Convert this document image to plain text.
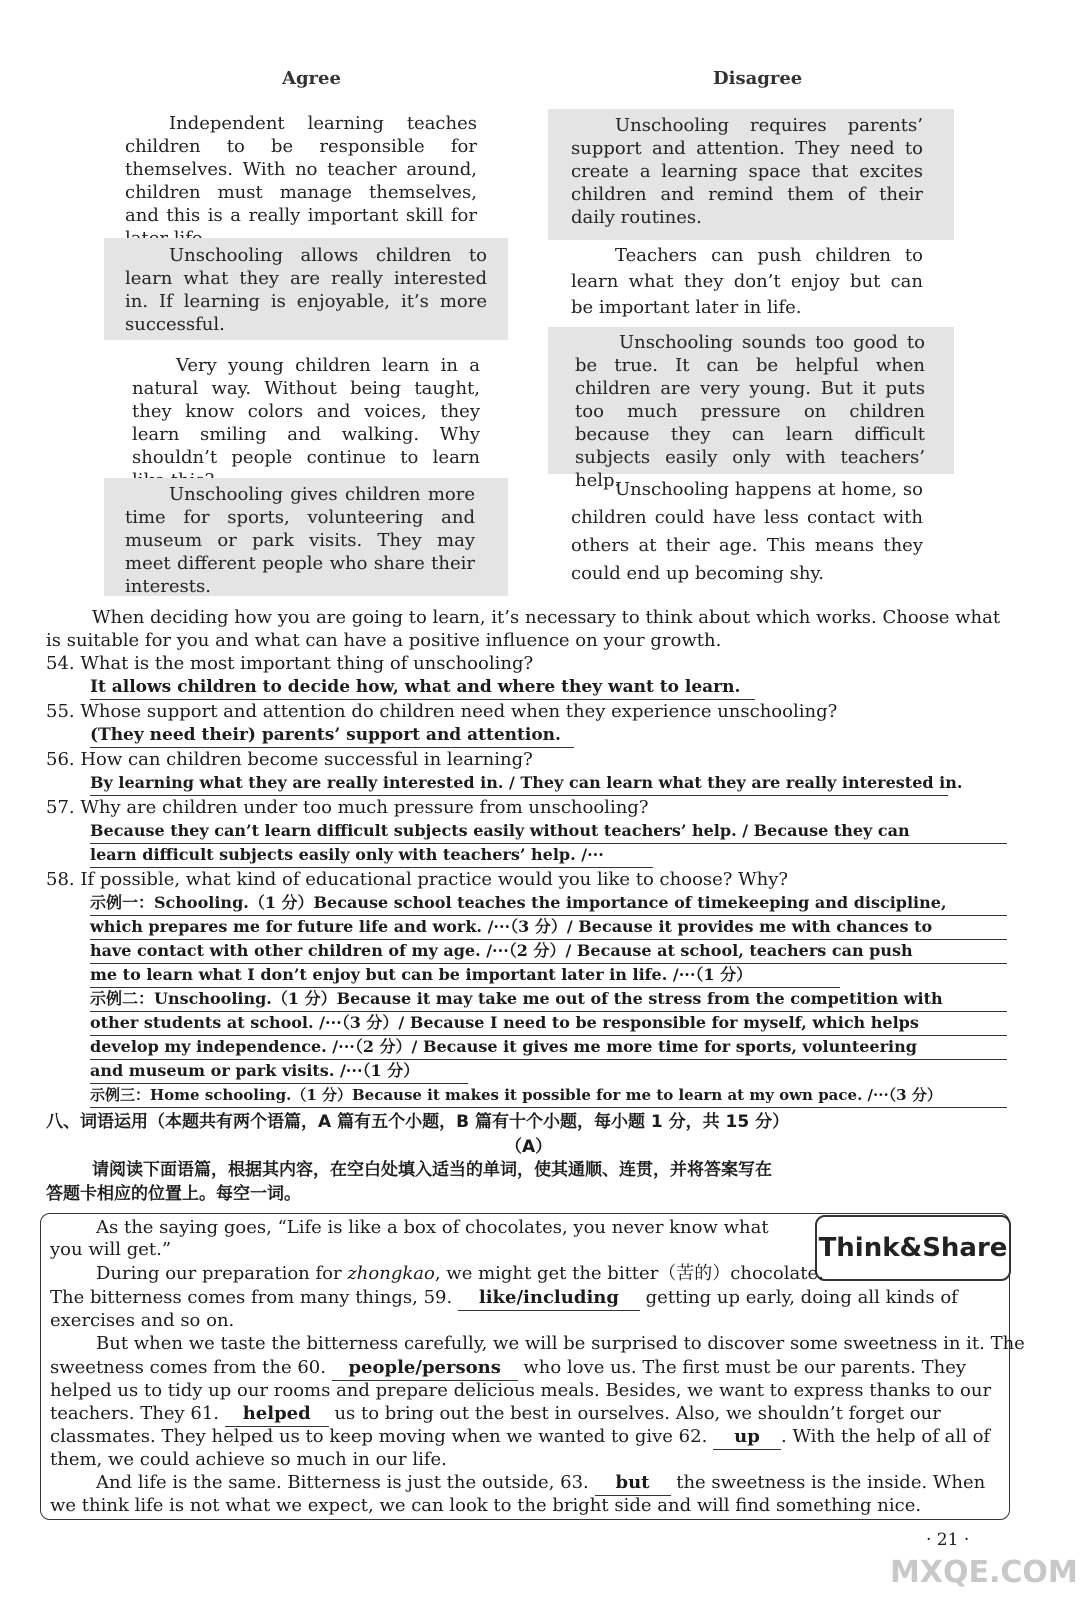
Agree	Disagree

Independent learning teaches children to be responsible for themselves. With no teacher around, children must manage themselves, and this is a really important skill for

Unschooling allows children to learn what they are really interested in. If learning is enjoyable, it’s more successful.

Very young children learn in a natural way. Without being taught, they know colors and voices, they learn smiling and walking. Why shouldn’t people continue to learn

Unschooling gives children more time for sports, volunteering and museum or park visits. They may meet different people who share their interests.

Unschooling requires parents’ support and attention. They need to create a learning space that excites children and remind them of their daily routines.

Teachers can push children to learn what they don’t enjoy but can be important later in life.

Unschooling sounds too good to be true. It can be helpful when children are very young. But it puts too much pressure on children because they can learn difficult subjects easily only with teachers’ help.

Unschooling happens at home, so children could have less contact with others at their age. This means they could end up becoming shy.

When deciding how you are going to learn, it’s necessary to think about which works. Choose what
is suitable for you and what can have a positive influence on your growth.
54. What is the most important thing of unschooling?
It allows children to decide how, what and where they want to learn.
55. Whose support and attention do children need when they experience unschooling?
(They need their) parents’ support and attention.
56. How can children become successful in learning?
By learning what they are really interested in. / They can learn what they are really interested in.
57. Why are children under too much pressure from unschooling?
Because they can’t learn difficult subjects easily without teachers’ help. / Because they can
learn difficult subjects easily only with teachers’ help. /···
58. If possible, what kind of educational practice would you like to choose? Why?
示例一：Schooling.（1 分）Because school teaches the importance of timekeeping and discipline,
which prepares me for future life and work. /···（3 分）/ Because it provides me with chances to
have contact with other children of my age. /···（2 分）/ Because at school, teachers can push
me to learn what I don’t enjoy but can be important later in life. /···（1 分）
示例二：Unschooling.（1 分）Because it may take me out of the stress from the competition with
other students at school. /···（3 分）/ Because I need to be responsible for myself, which helps
develop my independence. /···（2 分）/ Because it gives me more time for sports, volunteering
and museum or park visits. /···（1 分）
示例三：Home schooling.（1 分）Because it makes it possible for me to learn at my own pace. /···（3 分）
八、词语运用（本题共有两个语篇，A 篇有五个小题，B 篇有十个小题，每小题 1 分，共 15 分）
（A）
请阅读下面语篇，根据其内容，在空白处填入适当的单词，使其通顺、连贯，并将答案写在
答题卡相应的位置上。每空一词。
Think&Share
As the saying goes, “Life is like a box of chocolates, you never know what
you will get.”
During our preparation for zhongkao, we might get the bitter（苦的）chocolate.
The bitterness comes from many things, 59. like/including getting up early, doing all kinds of
exercises and so on.
But when we taste the bitterness carefully, we will be surprised to discover some sweetness in it. The
sweetness comes from the 60. people/persons who love us. The first must be our parents. They
helped us to tidy up our rooms and prepare delicious meals. Besides, we want to express thanks to our
teachers. They 61. helped us to bring out the best in ourselves. Also, we shouldn’t forget our
classmates. They helped us to keep moving when we wanted to give 62. up . With the help of all of
them, we could achieve so much in our life.
And life is the same. Bitterness is just the outside, 63. but the sweetness is the inside. When
we think life is not what we expect, we can look to the bright side and will find something nice.
· 21 ·
MXQE.COM
